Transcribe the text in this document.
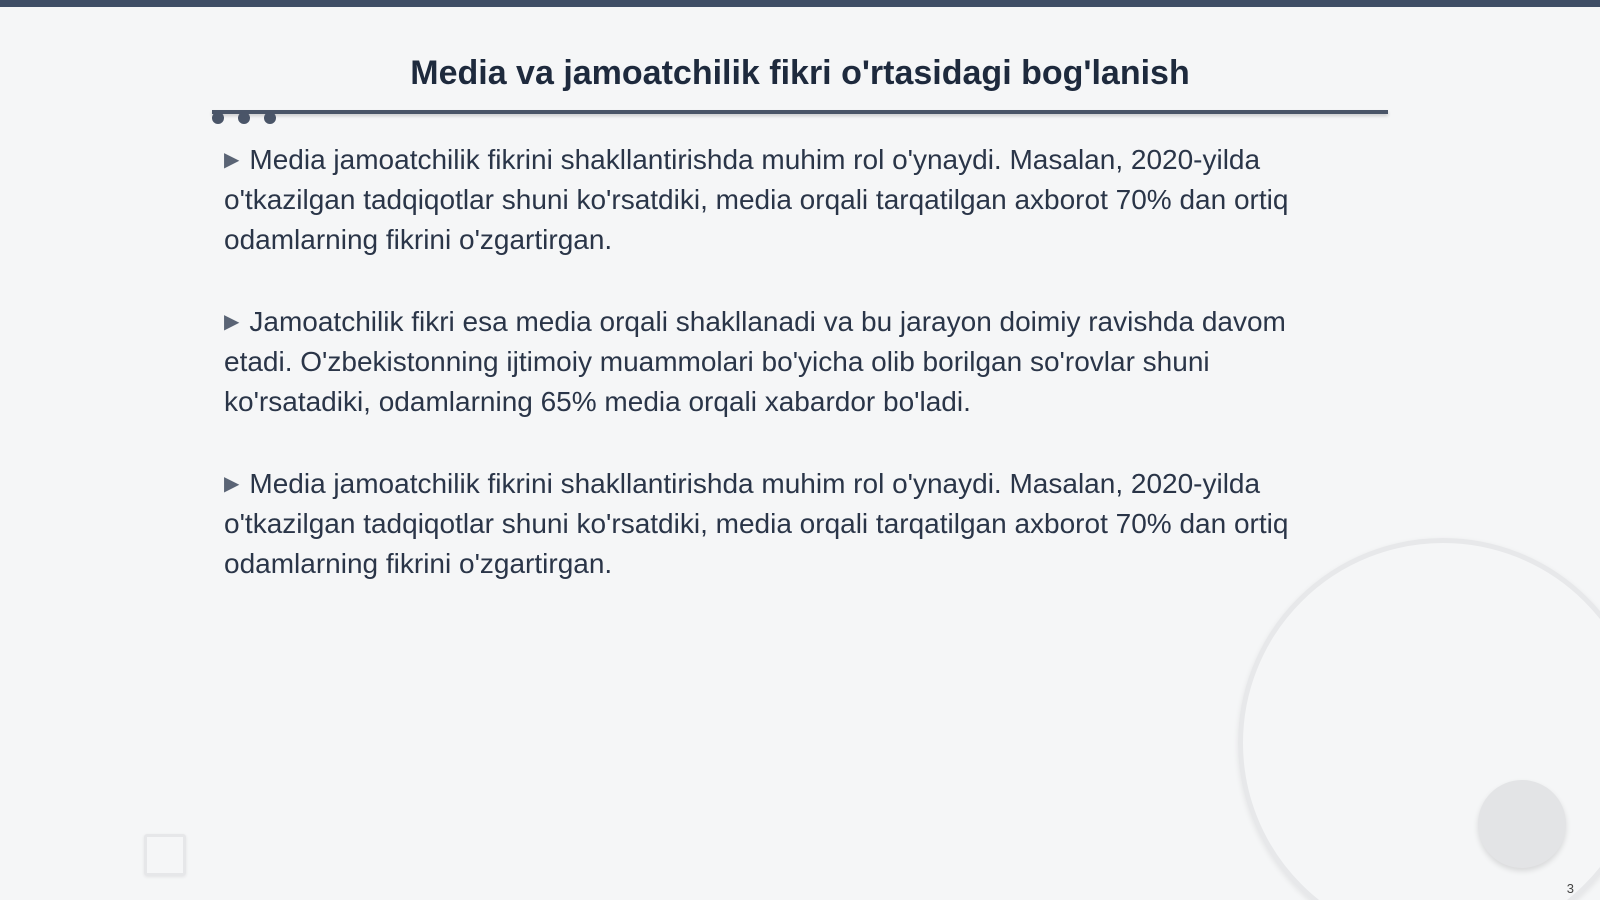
Media va jamoatchilik fikri o'rtasidagi bog'lanish

▶ Media jamoatchilik fikrini shakllantirishda muhim rol o'ynaydi. Masalan, 2020-yilda o'tkazilgan tadqiqotlar shuni ko'rsatdiki, media orqali tarqatilgan axborot 70% dan ortiq odamlarning fikrini o'zgartirgan.

▶ Jamoatchilik fikri esa media orqali shakllanadi va bu jarayon doimiy ravishda davom etadi. O'zbekistonning ijtimoiy muammolari bo'yicha olib borilgan so'rovlar shuni ko'rsatadiki, odamlarning 65% media orqali xabardor bo'ladi.

▶ Media jamoatchilik fikrini shakllantirishda muhim rol o'ynaydi. Masalan, 2020-yilda o'tkazilgan tadqiqotlar shuni ko'rsatdiki, media orqali tarqatilgan axborot 70% dan ortiq odamlarning fikrini o'zgartirgan.

3
